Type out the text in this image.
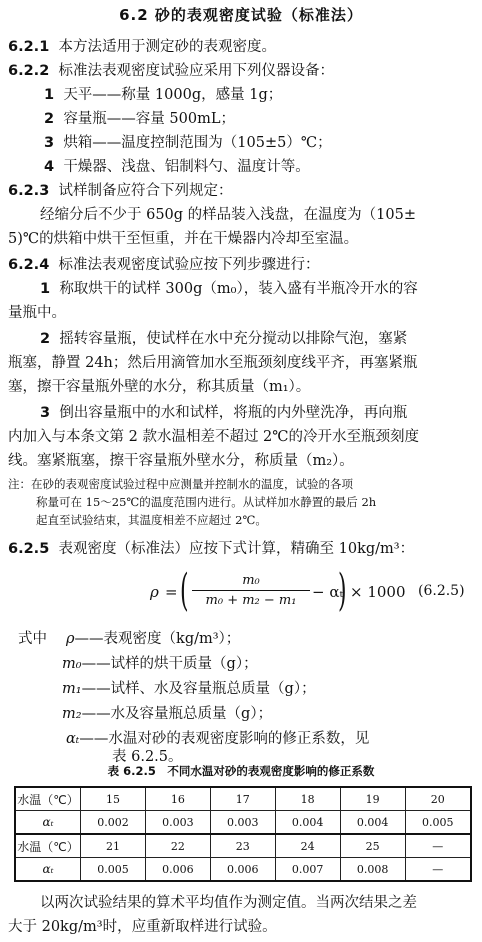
6.2 砂的表观密度试验（标准法）
6.2.1 本方法适用于测定砂的表观密度。
6.2.2 标准法表观密度试验应采用下列仪器设备：
1 天平——称量 1000g，感量 1g；
2 容量瓶——容量 500mL；
3 烘箱——温度控制范围为（105±5）℃；
4 干燥器、浅盘、铝制料勺、温度计等。
6.2.3 试样制备应符合下列规定：
经缩分后不少于 650g 的样品装入浅盘，在温度为（105±
5)℃的烘箱中烘干至恒重，并在干燥器内冷却至室温。
6.2.4 标准法表观密度试验应按下列步骤进行：
1 称取烘干的试样 300g（m₀），装入盛有半瓶冷开水的容
量瓶中。
2 摇转容量瓶，使试样在水中充分搅动以排除气泡，塞紧
瓶塞，静置 24h；然后用滴管加水至瓶颈刻度线平齐，再塞紧瓶
塞，擦干容量瓶外壁的水分，称其质量（m₁）。
3 倒出容量瓶中的水和试样，将瓶的内外壁洗净，再向瓶
内加入与本条文第 2 款水温相差不超过 2℃的冷开水至瓶颈刻度
线。塞紧瓶塞，擦干容量瓶外壁水分，称质量（m₂）。
注：在砂的表观密度试验过程中应测量并控制水的温度，试验的各项
称量可在 15～25℃的温度范围内进行。从试样加水静置的最后 2h
起直至试验结束，其温度相差不应超过 2℃。
6.2.5 表观密度（标准法）应按下式计算，精确至 10kg/m³：
ρ = (	m₀
m₀ + m₂ − m₁	− αₜ
) × 1000 (6.2.5)
式中 ρ——表观密度（kg/m³）；
m₀——试样的烘干质量（g）；
m₁——试样、水及容量瓶总质量（g）；
m₂——水及容量瓶总质量（g）；
αₜ——水温对砂的表观密度影响的修正系数，见
表 6.2.5。
表 6.2.5　不同水温对砂的表观密度影响的修正系数
水温（℃）	15	16	17	18	19	20
αₜ	0.002	0.003	0.003	0.004	0.004	0.005
水温（℃）	21	22	23	24	25	—
αₜ	0.005	0.006	0.006	0.007	0.008	—
以两次试验结果的算术平均值作为测定值。当两次结果之差
大于 20kg/m³时，应重新取样进行试验。
